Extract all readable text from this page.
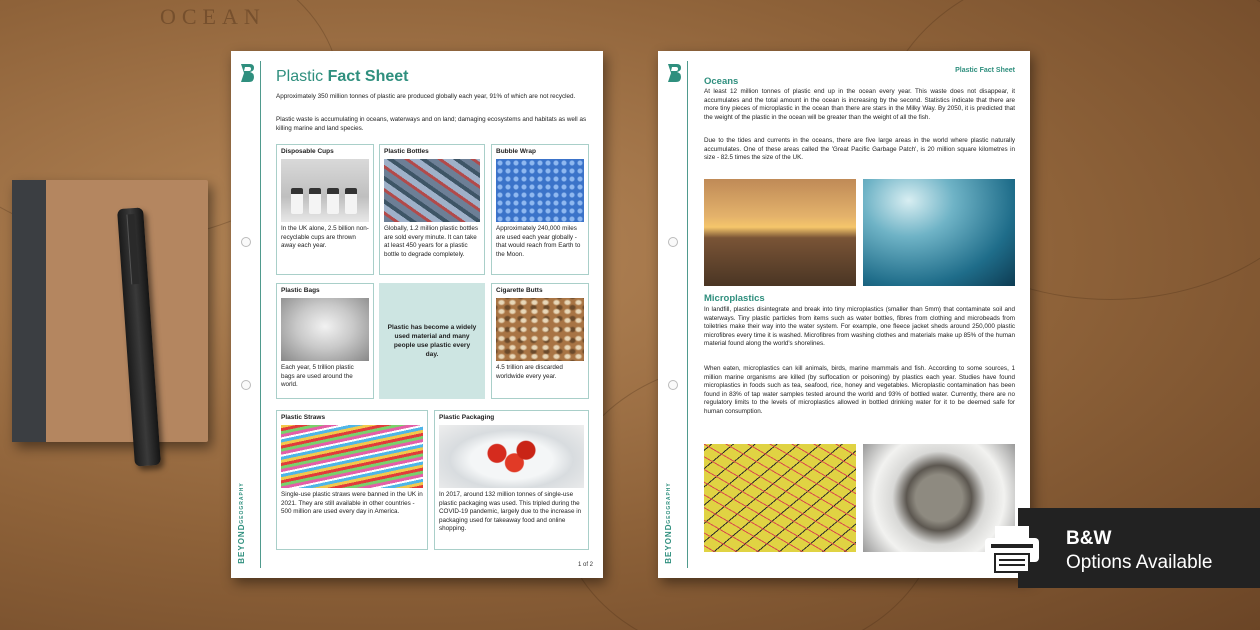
OCEAN
BEYONDGEOGRAPHY
Plastic Fact Sheet
Approximately 350 million tonnes of plastic are produced globally each year, 91% of which are not recycled.
Plastic waste is accumulating in oceans, waterways and on land; damaging ecosystems and habitats as well as killing marine and land species.
Disposable Cups
In the UK alone, 2.5 billion non-recyclable cups are thrown away each year.
Plastic Bottles
Globally, 1.2 million plastic bottles are sold every minute. It can take at least 450 years for a plastic bottle to degrade completely.
Bubble Wrap
Approximately 240,000 miles are used each year globally - that would reach from Earth to the Moon.
Plastic Bags
Each year, 5 trillion plastic bags are used around the world.
Plastic has become a widely used material and many people use plastic every day.
Cigarette Butts
4.5 trillion are discarded worldwide every year.
Plastic Straws
Single-use plastic straws were banned in the UK in 2021. They are still available in other countries - 500 million are used every day in America.
Plastic Packaging
In 2017, around 132 million tonnes of single-use plastic packaging was used. This tripled during the COVID-19 pandemic, largely due to the increase in packaging used for takeaway food and online shopping.
1 of 2
BEYONDGEOGRAPHY
Plastic Fact Sheet
Oceans
At least 12 million tonnes of plastic end up in the ocean every year. This waste does not disappear, it accumulates and the total amount in the ocean is increasing by the second. Statistics indicate that there are more tiny pieces of microplastic in the ocean than there are stars in the Milky Way. By 2050, it is predicted that the weight of the plastic in the ocean will be greater than the weight of all the fish.
Due to the tides and currents in the oceans, there are five large areas in the world where plastic naturally accumulates. One of these areas called the 'Great Pacific Garbage Patch', is 20 million square kilometres in size - 82.5 times the size of the UK.
Microplastics
In landfill, plastics disintegrate and break into tiny microplastics (smaller than 5mm) that contaminate soil and waterways. Tiny plastic particles from items such as water bottles, fibres from clothing and microbeads from toiletries make their way into the water system. For example, one fleece jacket sheds around 250,000 plastic microfibres every time it is washed. Microfibres from washing clothes and materials make up 85% of the human material found along the world's shorelines.
When eaten, microplastics can kill animals, birds, marine mammals and fish. According to some sources, 1 million marine organisms are killed (by suffocation or poisoning) by plastics each year. Studies have found microplastics in foods such as tea, seafood, rice, honey and vegetables. Microplastic contamination has been found in 83% of tap water samples tested around the world and 93% of bottled water. Currently, there are no regulatory limits to the levels of microplastics allowed in bottled drinking water for it to be deemed safe for human consumption.
B&W
Options Available
